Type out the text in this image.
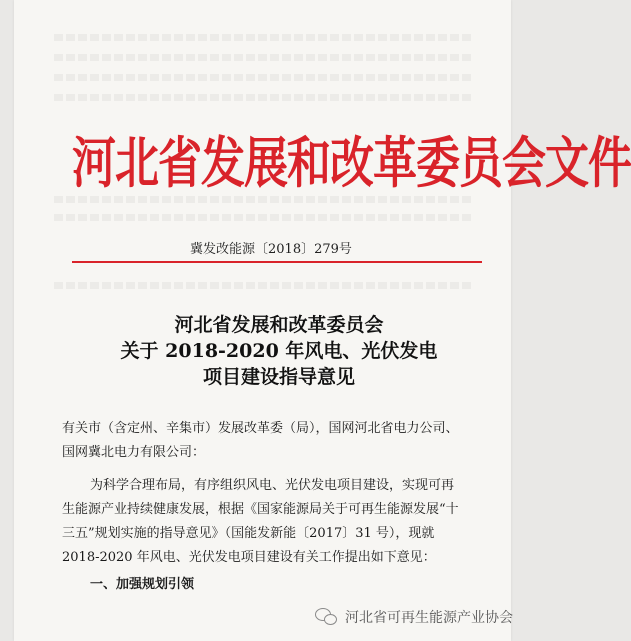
河北省发展和改革委员会文件
冀发改能源〔2018〕279号
河北省发展和改革委员会
关于 2018-2020 年风电、光伏发电
项目建设指导意见
有关市（含定州、辛集市）发展改革委（局），国网河北省电力公司、
国网冀北电力有限公司：
为科学合理布局，有序组织风电、光伏发电项目建设，实现可再
生能源产业持续健康发展，根据《国家能源局关于可再生能源发展“十
三五”规划实施的指导意见》（国能发新能〔2017〕31 号），现就
2018-2020 年风电、光伏发电项目建设有关工作提出如下意见：
一、加强规划引领
河北省可再生能源产业协会
